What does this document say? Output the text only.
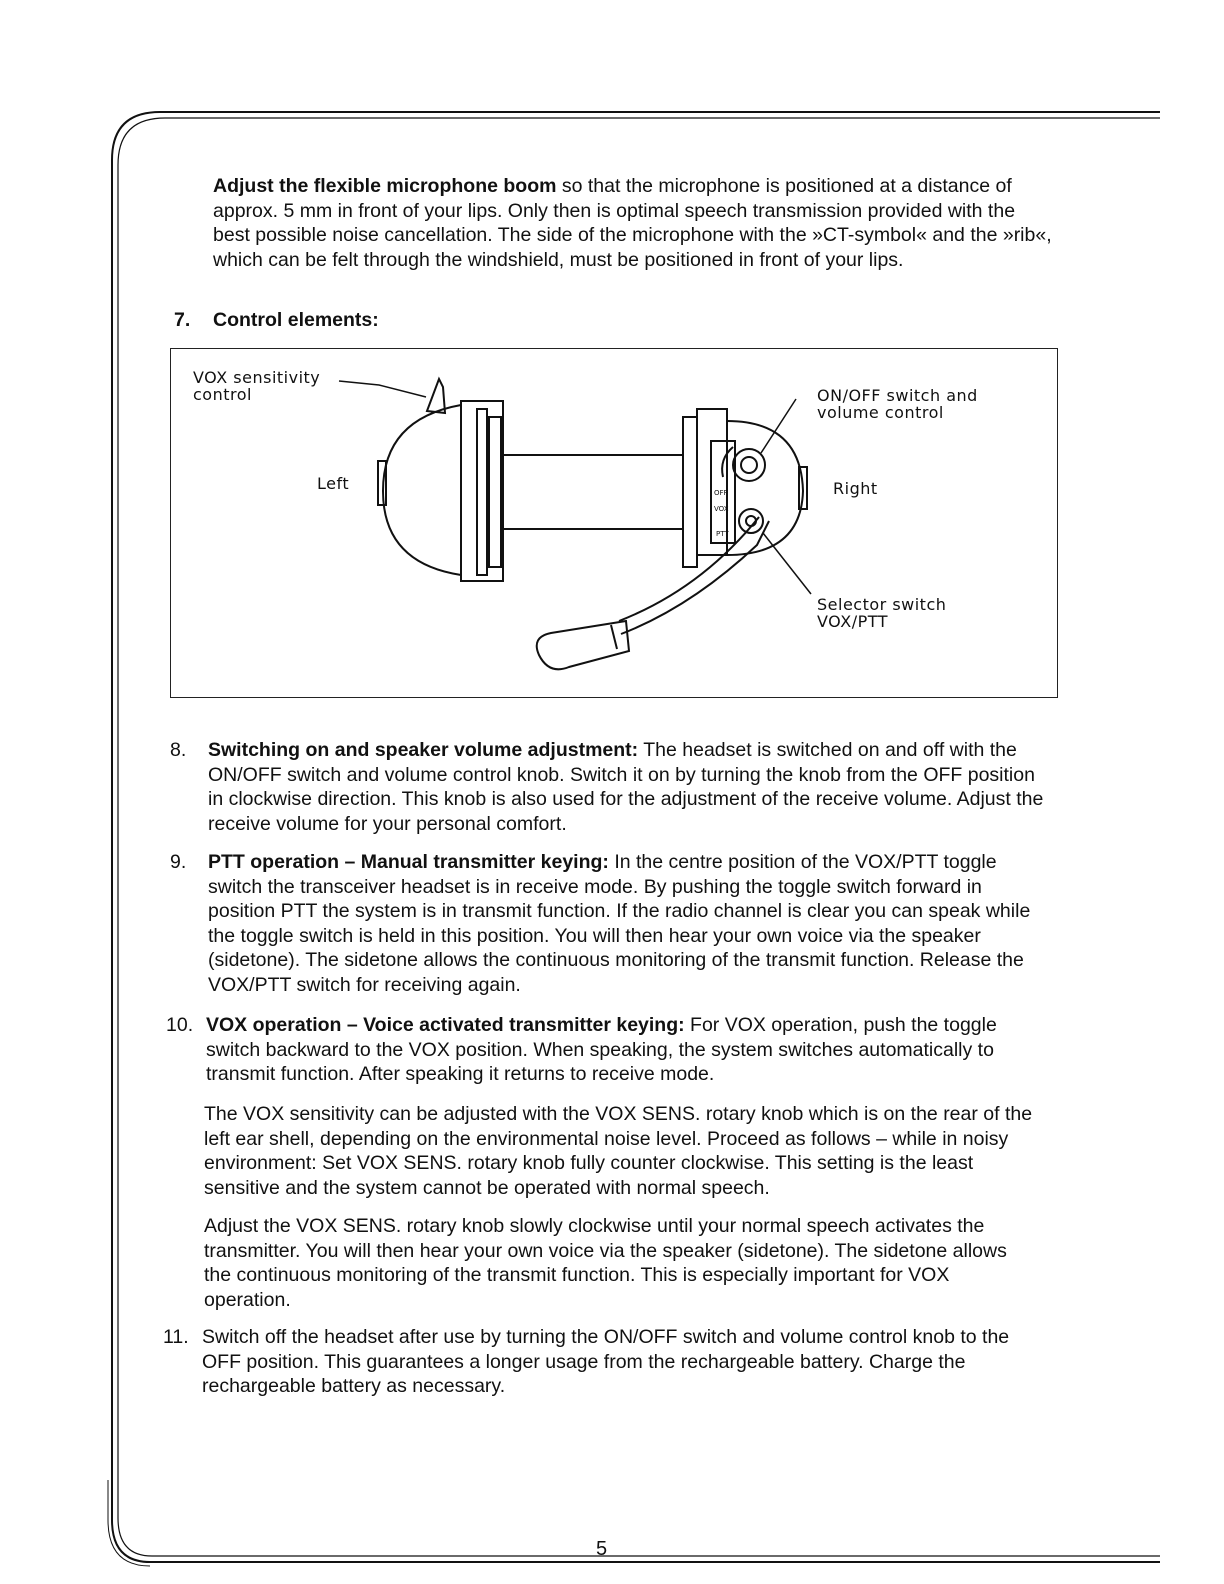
Adjust the flexible microphone boom so that the microphone is positioned at a distance of approx. 5 mm in front of your lips. Only then is optimal speech transmission provided with the best possible noise cancellation. The side of the microphone with the »CT-symbol« and the »rib«, which can be felt through the windshield, must be positioned in front of your lips.

7. Control elements:
OFF
VOX
PTT
VOX sensitivity
control	ON/OFF switch and
volume control
Left	Right
Selector switch
VOX/PTT
8. Switching on and speaker volume adjustment: The headset is switched on and off with the ON/OFF switch and volume control knob. Switch it on by turning the knob from the OFF position in clockwise direction. This knob is also used for the adjustment of the receive volume. Adjust the receive volume for your personal comfort.

9. PTT operation – Manual transmitter keying: In the centre position of the VOX/PTT toggle switch the transceiver headset is in receive mode. By pushing the toggle switch forward in position PTT the system is in transmit function. If the radio channel is clear you can speak while the toggle switch is held in this position. You will then hear your own voice via the speaker (sidetone). The sidetone allows the continuous monitoring of the transmit function. Release the VOX/PTT switch for receiving again.

10. VOX operation – Voice activated transmitter keying: For VOX operation, push the toggle switch backward to the VOX position. When speaking, the system switches automatically to transmit function. After speaking it returns to receive mode.

The VOX sensitivity can be adjusted with the VOX SENS. rotary knob which is on the rear of the left ear shell, depending on the environmental noise level. Proceed as follows – while in noisy environment: Set VOX SENS. rotary knob fully counter clockwise. This setting is the least sensitive and the system cannot be operated with normal speech.

Adjust the VOX SENS. rotary knob slowly clockwise until your normal speech activates the transmitter. You will then hear your own voice via the speaker (sidetone). The sidetone allows the continuous monitoring of the transmit function. This is especially important for VOX operation.

11. Switch off the headset after use by turning the ON/OFF switch and volume control knob to the OFF position. This guarantees a longer usage from the rechargeable battery. Charge the rechargeable battery as necessary.

5
